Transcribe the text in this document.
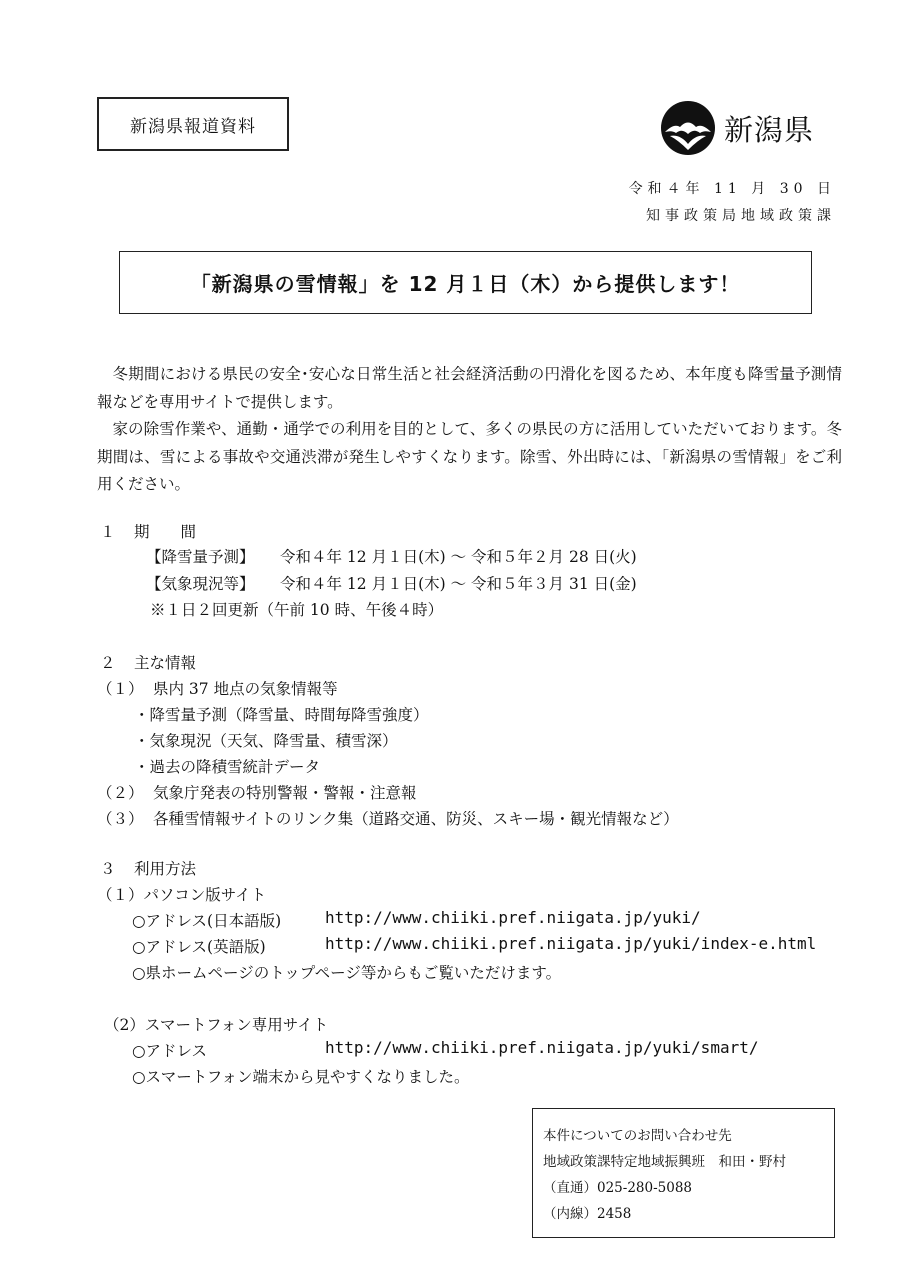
新潟県報道資料	新潟県
令和４年 11 月 30 日
知事政策局地域政策課
「新潟県の雪情報」を 12 月１日（木）から提供します！
冬期間における県民の安全･安心な日常生活と社会経済活動の円滑化を図るため、本年度も降雪量予測情報などを専用サイトで提供します。
家の除雪作業や、通勤・通学での利用を目的として、多くの県民の方に活用していただいております。冬期間は、雪による事故や交通渋滞が発生しやすくなります。除雪、外出時には、「新潟県の雪情報」をご利用ください。
１ 期　　間
【降雪量予測】 令和４年 12 月１日(木) ～ 令和５年２月 28 日(火)
【気象現況等】 令和４年 12 月１日(木) ～ 令和５年３月 31 日(金)
※１日２回更新（午前 10 時、午後４時）
２ 主な情報
（１） 県内 37 地点の気象情報等
・降雪量予測（降雪量、時間毎降雪強度）
・気象現況（天気、降雪量、積雪深）
・過去の降積雪統計データ
（２） 気象庁発表の特別警報・警報・注意報
（３） 各種雪情報サイトのリンク集（道路交通、防災、スキー場・観光情報など）
３ 利用方法
（１）パソコン版サイト
○アドレス(日本語版)	http://www.chiiki.pref.niigata.jp/yuki/
○アドレス(英語版)	http://www.chiiki.pref.niigata.jp/yuki/index-e.html
○県ホームページのトップページ等からもご覧いただけます。
（2）スマートフォン専用サイト
○アドレス	http://www.chiiki.pref.niigata.jp/yuki/smart/
○スマートフォン端末から見やすくなりました。
本件についてのお問い合わせ先
地域政策課特定地域振興班　和田・野村
（直通）025-280-5088
（内線）2458
